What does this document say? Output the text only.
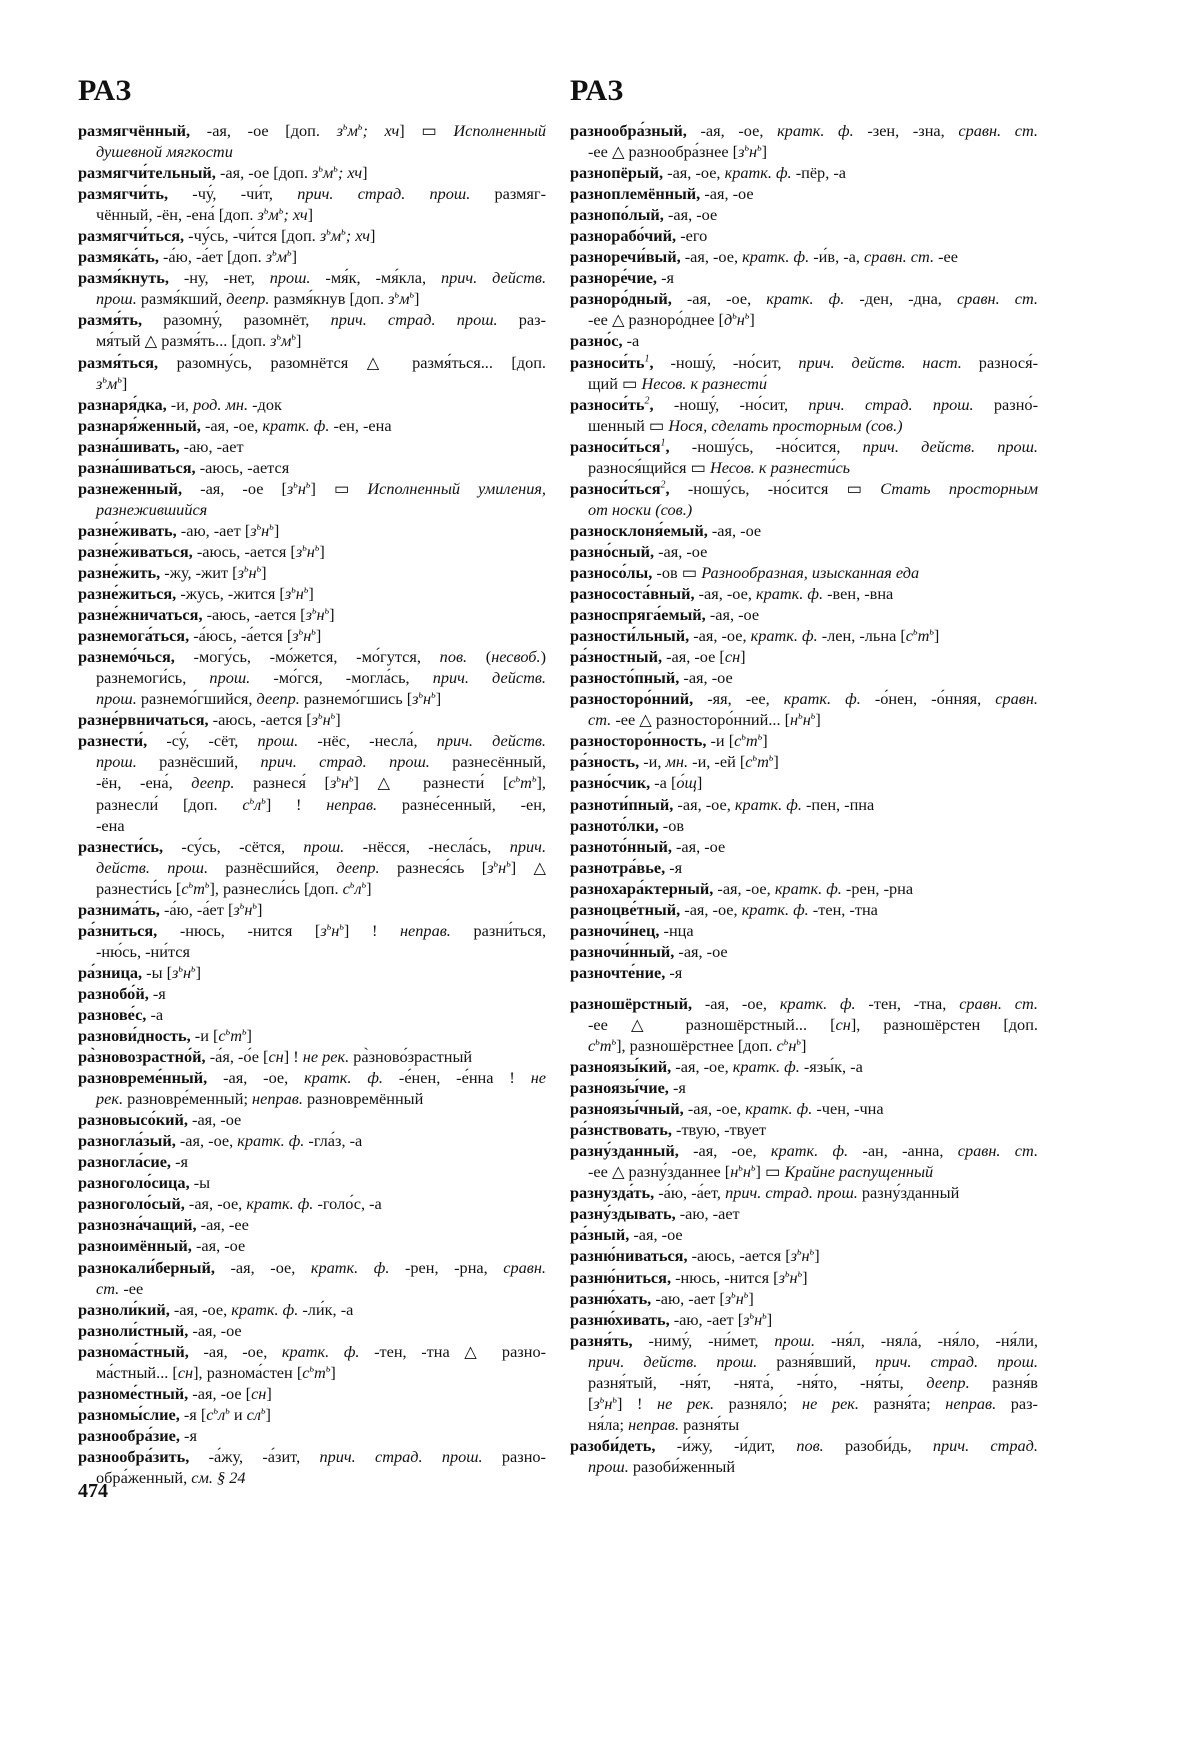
РАЗ	РАЗ
размягчённый, -ая, -ое [доп. $з^ьм^ь$; хч] ▭ Исполненный
душевной мягкости
размягчи́тельный, -ая, -ое [доп. $з^ьм^ь$; хч]
размягчи́ть, -чу́, -чи́т, прич. страд. прош. размяг-
чённый, -ён, -ена́ [доп. $з^ьм^ь$; хч]
размягчи́ться, -чу́сь, -чи́тся [доп. $з^ьм^ь$; хч]
размяка́ть, -а́ю, -а́ет [доп. $з^ьм^ь$]
размя́кнуть, -ну, -нет, прош. -мя́к, -мя́кла, прич. действ.
прош. размя́кший, деепр. размя́кнув [доп. $з^ьм^ь$]
размя́ть, разомну́, разомнёт, прич. страд. прош. раз-
мя́тый △ размя́ть... [доп. $з^ьм^ь$]
размя́ться, разомну́сь, разомнётся △ размя́ться... [доп.
$з^ьм^ь$]
разнаря́дка, -и, род. мн. -док
разнаря́женный, -ая, -ое, кратк. ф. -ен, -ена
разна́шивать, -аю, -ает
разна́шиваться, -аюсь, -ается
разнеженный, -ая, -ое $[з^ьн^ь]$ ▭ Исполненный умиления,
разнежившийся
разне́живать, -аю, -ает $[з^ьн^ь]$
разне́живаться, -аюсь, -ается $[з^ьн^ь]$
разне́жить, -жу, -жит $[з^ьн^ь]$
разне́житься, -жусь, -жится $[з^ьн^ь]$
разне́жничаться, -аюсь, -ается $[з^ьн^ь]$
разнемога́ться, -а́юсь, -а́ется $[з^ьн^ь]$
разнемо́чься, -могу́сь, -мо́жется, -мо́гутся, пов. (несвоб.)
разнемоги́сь, прош. -мо́гся, -могла́сь, прич. действ.
прош. разнемо́гшийся, деепр. разнемо́гшись $[з^ьн^ь]$
разне́рвничаться, -аюсь, -ается $[з^ьн^ь]$
разнести́, -су́, -сёт, прош. -нёс, -несла́, прич. действ.
прош. разнёсший, прич. страд. прош. разнесённый,
-ён, -ена́, деепр. разнеся́ $[з^ьн^ь]$ △ разнести́ $[с^ьт^ь]$,
разнесли́ [доп. $с^ьл^ь$] ! неправ. разне́сенный, -ен,
-ена
разнести́сь, -су́сь, -сётся, прош. -нёсся, -несла́сь, прич.
действ. прош. разнёсшийся, деепр. разнеся́сь $[з^ьн^ь]$ △
разнести́сь $[с^ьт^ь]$, разнесли́сь [доп. $с^ьл^ь$]
разнима́ть, -а́ю, -а́ет $[з^ьн^ь]$
ра́зниться, -нюсь, -нится $[з^ьн^ь]$ ! неправ. разни́ться,
-ню́сь, -ни́тся
ра́зница, -ы $[з^ьн^ь]$
разнобо́й, -я
разнове́с, -а
разнови́дность, -и $[с^ьт^ь]$
ра̀зновозрастно́й, -а́я, -о́е [сн] ! не рек. ра̀зново́зрастный
разновреме́нный, -ая, -ое, кратк. ф. -е́нен, -е́нна ! не
рек. разновре́менный; неправ. разновремённый
разновысо́кий, -ая, -ое
разногла́зый, -ая, -ое, кратк. ф. -гла́з, -а
разногла́сие, -я
разноголо́сица, -ы
разноголо́сый, -ая, -ое, кратк. ф. -голо́с, -а
разнозна́чащий, -ая, -ее
разноимённый, -ая, -ое
разнокали́берный, -ая, -ое, кратк. ф. -рен, -рна, сравн.
ст. -ее
разноли́кий, -ая, -ое, кратк. ф. -ли́к, -а
разноли́стный, -ая, -ое
разнома́стный, -ая, -ое, кратк. ф. -тен, -тна △ разно-
ма́стный... [сн], разнома́стен $[с^ьт^ь]$
разноме́стный, -ая, -ое [сн]
разномы́слие, -я [$с^ьл^ь$ и $сл^ь$]
разнообра́зие, -я
разнообра́зить, -а́жу, -а́зит, прич. страд. прош. разно-
обра́женный, см. § 24
разнообра́зный, -ая, -ое, кратк. ф. -зен, -зна, сравн. ст.
-ее △ разнообра́знее $[з^ьн^ь]$
разнопёрый, -ая, -ое, кратк. ф. -пёр, -а
разноплемённый, -ая, -ое
разнопо́лый, -ая, -ое
разнорабо́чий, -его
разноречи́вый, -ая, -ое, кратк. ф. -и́в, -а, сравн. ст. -ее
разноре́чие, -я
разноро́дный, -ая, -ое, кратк. ф. -ден, -дна, сравн. ст.
-ее △ разноро́днее $[д^ьн^ь]$
разно́с, -а
$разноси́ть^1$, -ношу́, -но́сит, прич. действ. наст. разнося́-
щий ▭ Несов. к разнести́
$разноси́ть^2$, -ношу́, -но́сит, прич. страд. прош. разно́-
шенный ▭ Нося, сделать просторным (сов.)
разноси́ться$^1$, -ношу́сь, -но́сится, прич. действ. прош.
разнося́щийся ▭ Несов. к разнести́сь
разноси́ться$^2$, -ношу́сь, -но́сится ▭ Стать просторным
от носки (сов.)
разносклоня́емый, -ая, -ое
разно́сный, -ая, -ое
разносо́лы, -ов ▭ Разнообразная, изысканная еда
разнососта́вный, -ая, -ое, кратк. ф. -вен, -вна
разноспряга́емый, -ая, -ое
разности́льный, -ая, -ое, кратк. ф. -лен, -льна $[с^ьт^ь]$
ра́зностный, -ая, -ое [сн]
разносто́пный, -ая, -ое
разносторо́нний, -яя, -ее, кратк. ф. -о́нен, -о́нняя, сравн.
ст. -ее △ разносторо́нний... $[н^ьн^ь]$
разносторо́нность, -и $[с^ьт^ь]$
ра́зность, -и, мн. -и, -ей $[с^ьт^ь]$
разно́счик, -а [о́щ]
разноти́пный, -ая, -ое, кратк. ф. -пен, -пна
разното́лки, -ов
разното́нный, -ая, -ое
разнотра́вье, -я
разнохара́ктерный, -ая, -ое, кратк. ф. -рен, -рна
разноцве́тный, -ая, -ое, кратк. ф. -тен, -тна
разночи́нец, -нца
разночи́нный, -ая, -ое
разночте́ние, -я
разношёрстный, -ая, -ое, кратк. ф. -тен, -тна, сравн. ст.
-ее △ разношёрстный... [сн], разношёрстен [доп.
$с^ьт^ь$], разношёрстнее [доп. $с^ьн^ь$]
разноязы́кий, -ая, -ое, кратк. ф. -язы́к, -а
разноязы́чие, -я
разноязы́чный, -ая, -ое, кратк. ф. -чен, -чна
ра́знствовать, -твую, -твует
разну́зданный, -ая, -ое, кратк. ф. -ан, -анна, сравн. ст.
-ее △ разну́зданнее $[н^ьн^ь]$ ▭ Крайне распущенный
разнузда́ть, -а́ю, -а́ет, прич. страд. прош. разну́зданный
разну́здывать, -аю, -ает
ра́зный, -ая, -ое
разню́ниваться, -аюсь, -ается $[з^ьн^ь]$
разню́ниться, -нюсь, -нится $[з^ьн^ь]$
разню́хать, -аю, -ает $[з^ьн^ь]$
разню́хивать, -аю, -ает $[з^ьн^ь]$
разня́ть, -ниму́, -ни́мет, прош. -ня́л, -няла́, -ня́ло, -ня́ли,
прич. действ. прош. разня́вший, прич. страд. прош.
разня́тый, -ня́т, -нята́, -ня́то, -ня́ты, деепр. разня́в
$[з^ьн^ь]$ ! не рек. разняло́; не рек. разня́та; неправ. раз-
ня́ла; неправ. разня́ты
разоби́деть, -и́жу, -и́дит, пов. разоби́дь, прич. страд.
прош. разоби́женный
474
